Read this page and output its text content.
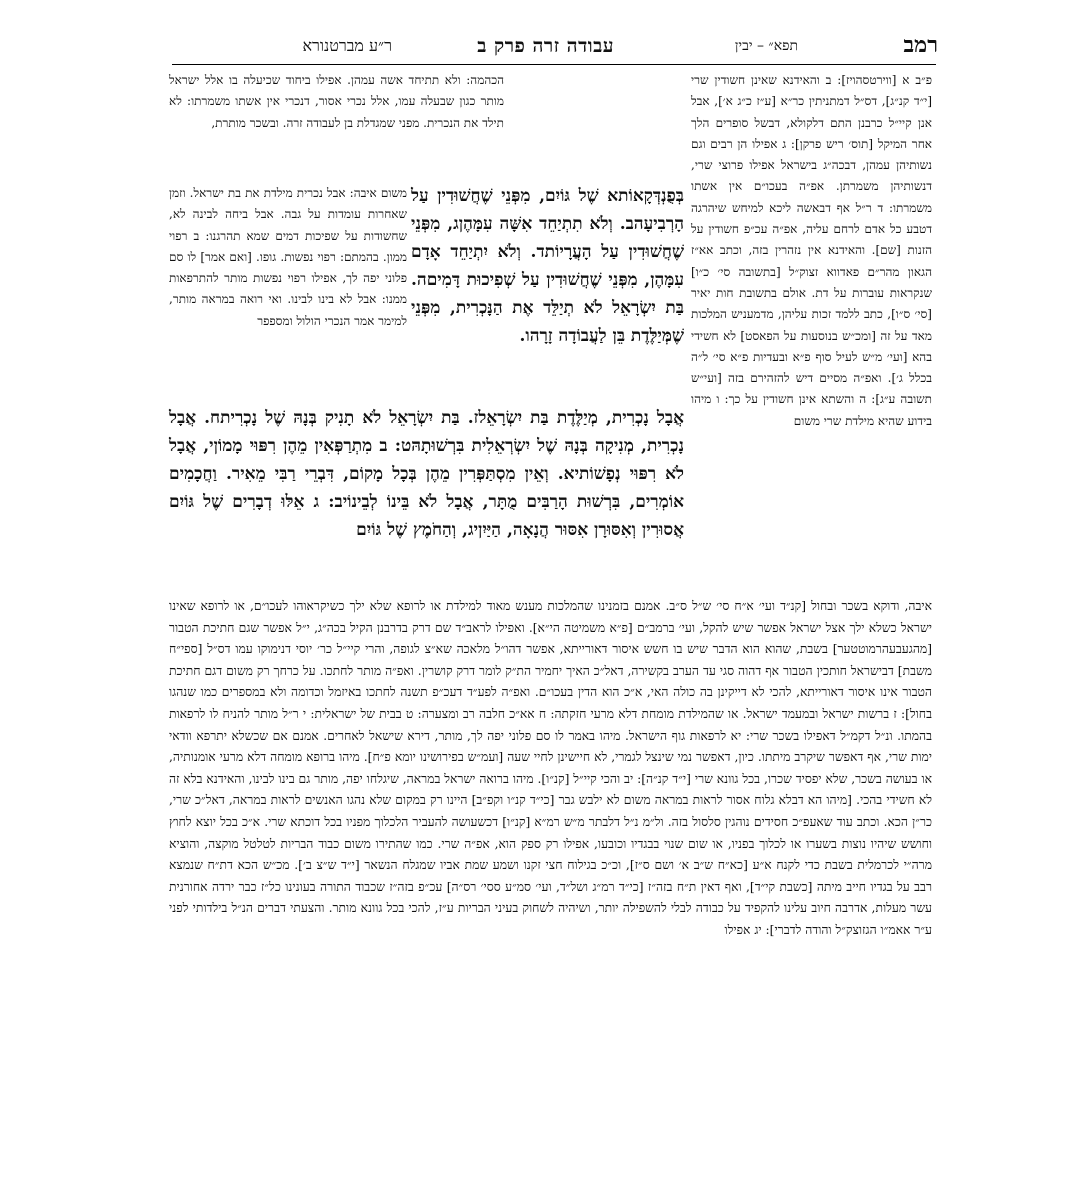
רמב
תפא״ – יבין
עבודה זרה פרק ב
ר״ע מברטנורא

פ״ב א [ווירטסהויז]: ב והאידנא שאינן חשודין שרי [י״ד קנ״ג], דס״ל דמתניתין כר״א [ע״ז כ״ג א׳], אבל אנן קיי״ל כרבנן התם דלקולא, דבשל סופרים הלך אחר המיקל [תוס׳ ריש פרקן]: ג אפילו הן רבים וגם נשותיהן עמהן, דבכה״ג בישראל אפילו פרוצי שרי, דנשותיהן משמרתן. אפ״ה בעכו״ם אין אשתו משמרתו: ד ר״ל אף דבאשה ליכא למיחש שיהרגה דטבע כל אדם לרחם עליה, אפ״ה עכ״פ חשודין על הזנות [שם]. והאידנא אין נזהרין בזה, וכתב אא״ז הגאון מהר״ם פאדווא זצוק״ל [בתשובה סי׳ כ״ו] שנקראות עוברות על דת. אולם בתשובת חות יאיר [סי׳ ס״ו], כתב ללמד זכות עליהן, מדמעניש המלכות מאד על זה [ומכ״ש בנוסעות על הפאסט] לא חשידי בהא [ועי׳ מ״ש לעיל סוף פ״א ובעדיות פ״א סי׳ ל״ה בכלל ג׳]. ואפ״ה מסיים דיש להזהירם בזה [ועי״ש תשובה ע״ג]: ה והשתא אינן חשודין על כך: ו מיהו בידוע שהיא מילדת שרי משום

הכהמה: ולא תתיחד אשה עמהן. אפילו ביחוד שכיעלה בו אלל ישראל מותר כגון שבעלה עמו, אלל נכרי אסור, דנכרי אין אשתו משמרתו: לא תילד את הנכרית. מפני שמגדלת בן לעבודה זרה. ובשכר מותרת,

משום איבה: אבל נכרית מילדת את בת ישראל. וזמן שאחרות עומדות על גבה. אבל ביחה לבינה לא, שחשודות על שפיכות דמים שמא תהרגנו: ב רפוי ממון. בהמתם: רפוי נפשות. גופו. [ואם אמר] לו סם פלוני יפה לך, אפילו רפוי נפשות מותר להתרפאות ממנו: אבל לא בינו לבינו. ואי רואה במראה מותר, למימר אמר הנכרי הולול ומספפר

בְּפֻנְדְּקָאוֹתא שֶׁל גּוֹיִם, מִפְּנֵי שֶׁחֲשׁוּדִין עַל הָרְבִיעָהב. וְלֹא תִתְיַחֵד אִשָּׁה עִמָּהֶןג, מִפְּנֵי שֶׁחֲשׁוּדִין עַל הָעֲרָיוֹתד. וְלֹא יִתְיַחֵד אָדָם עִמָּהֶן, מִפְּנֵי שֶׁחֲשׁוּדִין עַל שְׁפִיכוּת דָּמִיםה. בַּת יִשְׂרָאֵל לֹא תְיַלֵּד אֶת הַנָּכְרִית, מִפְּנֵי שֶׁמְּיַלֶּדֶת בֵּן לַעֲבוֹדָה זָרָהו.
אֲבָל נָכְרִית, מְיַלֶּדֶת בַּת יִשְׂרָאֵלז. בַּת יִשְׂרָאֵל לֹא תָנִיק בְּנָהּ שֶׁל נָכְרִיתח. אֲבָל נָכְרִית, מְנִיקָה בְּנָהּ שֶׁל יִשְׂרְאֵלִית בִּרְשׁוּתָהּט: ב מִתְרַפְּאִין מֵהֶן רִפּוּי מָמוֹןי, אֲבָל לֹא רִפּוּי נְפָשׁוֹתיא. וְאֵין מִסְתַּפְּרִין מֵהֶן בְּכָל מָקוֹם, דִּבְרֵי רַבִּי מֵאִיר. וַחֲכָמִים אוֹמְרִים, בִּרְשׁוּת הָרַבִּים מֻתָּר, אֲבָל לֹא בֵּינוֹ לְבֵינוֹיב: ג אֵלּוּ דְבָרִים שֶׁל גּוֹיִם אֲסוּרִין וְאִסּוּרָן אִסּוּר הֲנָאָה, הַיַּיִןיג, וְהַחֹמֶץ שֶׁל גּוֹיִם

איבה, ודוקא בשכר ובחול [קנ״ד ועי׳ א״ח סי׳ ש״ל ס״ב. אמנם בזמנינו שהמלכות מענש מאוד למילדת או לרופא שלא ילך כשיקראוהו לעכו״ם, או לרופא שאינו ישראל כשלא ילך אצל ישראל אפשר שיש להקל, ועי׳ ברמב״ם [פ״א משמיטה הי״א]. ואפילו לראב״ד שם דרק בדרבנן הקיל בכה״ג, י״ל אפשר שגם חתיכת הטבור [מהגעבעהרמוטטער] בשבת, שהוא הוא הדבר שיש בו חשש איסור דאורייתא, אפשר דהו״ל מלאכה שא״צ לגופה, והרי קיי״ל כר׳ יוסי דנימוקו עמו דס״ל [ספי״ח משבת] דבישראל חותכין הטבור אף דהוה סגי עד הערב בקשירה, דאל״כ האיך יחמיר הת״ק לומר דרק קושרין. ואפ״ה מותר לחתכו. על כרחך רק משום דגם חתיכת הטבור אינו איסור דאורייתא, להכי לא דייקינן בה כולה האי, א״כ הוא הדין בעכו״ם. ואפ״ה לפע״ד דעכ״פ תשנה לחתכו באיזמל וכדומה ולא במספרים כמו שנהגו בחול]: ז ברשות ישראל ובמעמד ישראל. או שהמילדת מומחת דלא מרעי חזקתה: ח אא״כ חלבה רב ומצערה: ט בבית של ישראלית: י ר״ל מותר להניח לו לרפאות בהמתו. ונ״ל דקמ״ל דאפילו בשכר שרי: יא לרפאות גוף הישראל. מיהו באמר לו סם פלוני יפה לך, מותר, דירא שישאל לאחרים. אמנם אם שכשלא יתרפא וודאי ימות שרי, אף דאפשר שיקרב מיתתו. כיון, דאפשר נמי שינצל לגמרי, לא חיישינן לחיי שעה [ועמ״ש בפירושינו יומא פ״ח]. מיהו ברופא מומחה דלא מרעי אומנותיה, או בעושה בשכר, שלא יפסיד שכרו, בכל גוונא שרי [י״ד קנ״ה]: יב והכי קיי״ל [קנ״ו]. מיהו ברואה ישראל במראה, שיגלחו יפה, מותר גם בינו לבינו, והאידנא בלא זה לא חשידי בהכי. [מיהו הא דבלא גלוח אסור לראות במראה משום לא ילבש גבר [כי״ד קנ״ו וקפ״ב] היינו רק במקום שלא נהגו האנשים לראות במראה, דאל״כ שרי, כר״ן הכא. וכתב עוד שאעפ״כ חסידים נוהגין סלסול בזה. ול״מ נ״ל דלבתר מ״ש רמ״א [קנ״ו] דכשעושה להעביר הלכלוך מפניו בכל דוכתא שרי. א״כ בכל יוצא לחוץ וחושש שיהיו נוצות בשערו או לכלוך בפניו, או שום שנוי בבגדיו וכובעו, אפילו רק ספק הוא, אפ״ה שרי. כמו שהתירו משום כבוד הבריות לטלטל מוקצה, והוציא מרה״י לכרמלית בשבת כדי לקנח א״ע [כא״ח ש״ב א׳ ושם ס״ז], וכ״כ בגילוח חצי זקנו ושמע שמת אביו שמגלח הנשאר [י״ד ש״צ ב׳]. מכ״ש הכא דת״ח שנמצא רבב על בגדיו חייב מיתה [כשבת קי״ד], ואף דאין ת״ח בזה״ז [כי״ד רמ״ג ושל״ד, ועי׳ סמ״ע ססי׳ רס״ה] עכ״פ בזה״ז שכבוד התורה בעונינו כל״ז כבר ירדה אחורנית עשר מעלות, אדרבה חיוב עלינו להקפיד על כבודה לבלי להשפילה יותר, ושיהיה לשחוק בעיני הבריות ע״ז, להכי בכל גוונא מותר. והצעתי דברים הנ״ל בילדותי לפני ע״ר אאמ״ו הגזוצק״ל והודה לדברי]: יג אפילו
